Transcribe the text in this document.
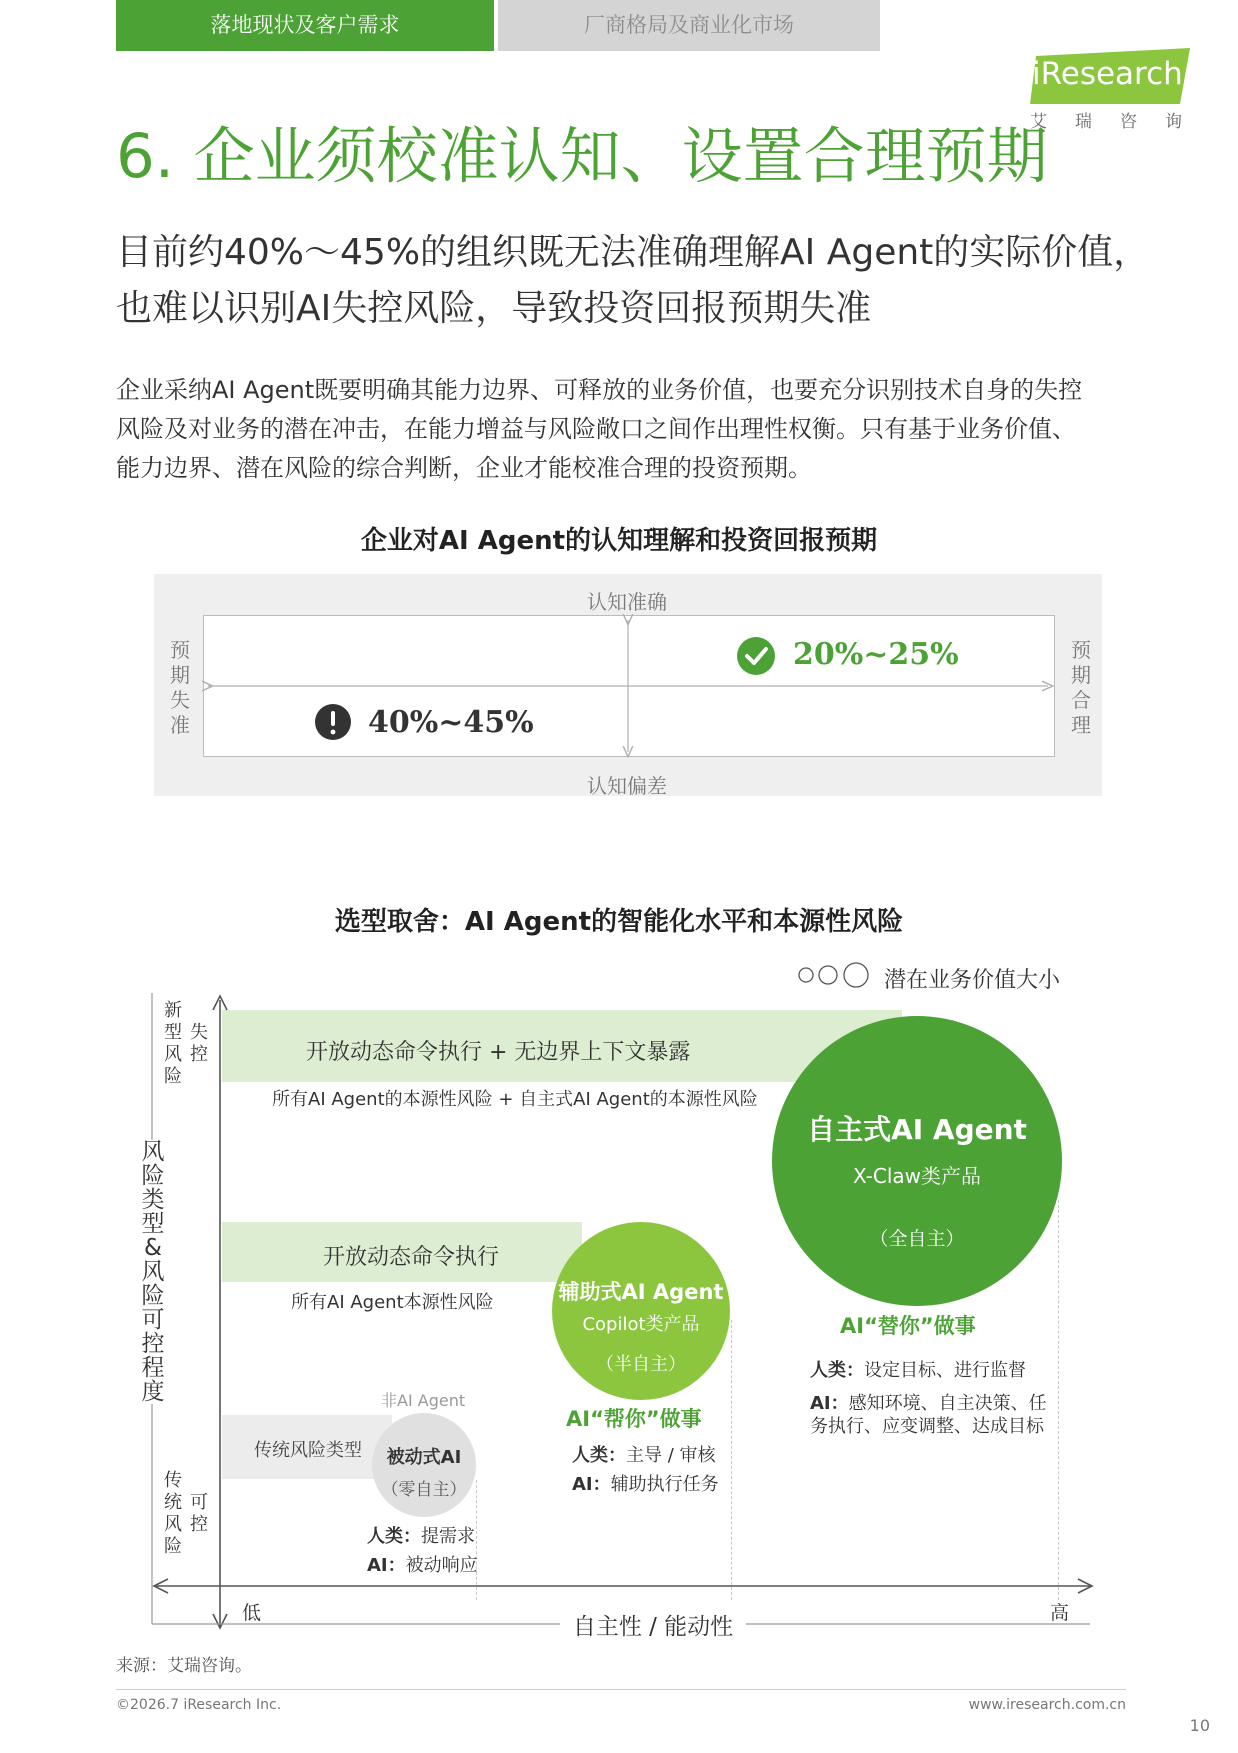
落地现状及客户需求	厂商格局及商业化市场
iResearch
艾瑞咨询
6. 企业须校准认知、设置合理预期
目前约40%～45%的组织既无法准确理解AI Agent的实际价值，
也难以识别AI失控风险，导致投资回报预期失准
企业采纳AI Agent既要明确其能力边界、可释放的业务价值，也要充分识别技术自身的失控
风险及对业务的潜在冲击，在能力增益与风险敞口之间作出理性权衡。只有基于业务价值、
能力边界、潜在风险的综合判断，企业才能校准合理的投资预期。
企业对AI Agent的认知理解和投资回报预期
认知准确
认知偏差
预期失准
预期合理
20%~25%
40%~45%
选型取舍：AI Agent的智能化水平和本源性风险
潜在业务价值大小
开放动态命令执行 + 无边界上下文暴露
所有AI Agent的本源性风险 + 自主式AI Agent的本源性风险
开放动态命令执行
所有AI Agent本源性风险
传统风险类型
非AI Agent
被动式AI
（零自主）
辅助式AI Agent
Copilot类产品
（半自主）
自主式AI Agent
X-Claw类产品
（全自主）
AI“帮你”做事
AI“替你”做事
人类：提需求
AI：被动响应
人类：主导 / 审核
AI：辅助执行任务
人类：设定目标、进行监督
AI：感知环境、自主决策、任
务执行、应变调整、达成目标
新型风险
失控
传统风险
可控
风险类型&风险可控程度
低	高
自主性 / 能动性
来源：艾瑞咨询。
©2026.7 iResearch Inc.	www.iresearch.com.cn
10
